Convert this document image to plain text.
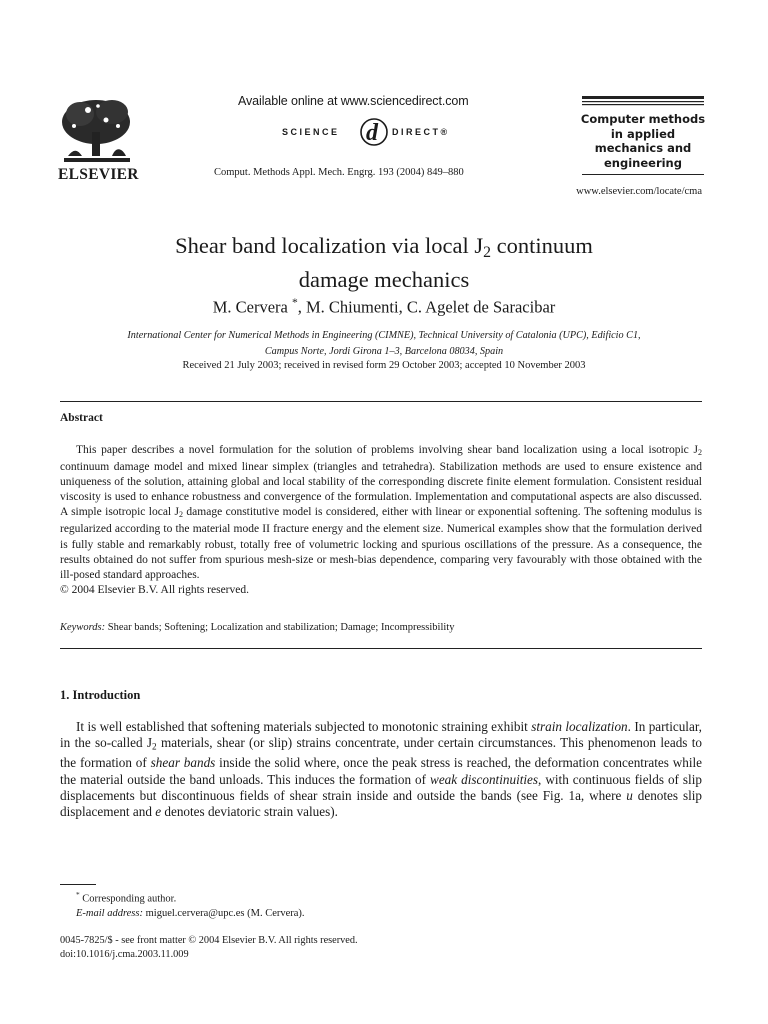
ELSEVIER
Available online at www.sciencedirect.com
SCIENCE d DIRECT®
Comput. Methods Appl. Mech. Engrg. 193 (2004) 849–880
Computer methods
in applied
mechanics and
engineering
www.elsevier.com/locate/cma
Shear band localization via local $J_2$ continuum
damage mechanics
M. Cervera *, M. Chiumenti, C. Agelet de Saracibar
International Center for Numerical Methods in Engineering (CIMNE), Technical University of Catalonia (UPC), Edificio C1,
Campus Norte, Jordi Girona 1–3, Barcelona 08034, Spain
Received 21 July 2003; received in revised form 29 October 2003; accepted 10 November 2003
Abstract

This paper describes a novel formulation for the solution of problems involving shear band localization using a local isotropic $J_2$ continuum damage model and mixed linear simplex (triangles and tetrahedra). Stabilization methods are used to ensure existence and uniqueness of the solution, attaining global and local stability of the corresponding discrete finite element formulation. Consistent residual viscosity is used to enhance robustness and convergence of the formulation. Implementation and computational aspects are also discussed. A simple isotropic local $J_2$ damage constitutive model is considered, either with linear or exponential softening. The softening modulus is regularized according to the material mode II fracture energy and the element size. Numerical examples show that the formulation derived is fully stable and remarkably robust, totally free of volumetric locking and spurious oscillations of the pressure. As a consequence, the results obtained do not suffer from spurious mesh-size or mesh-bias dependence, comparing very favourably with those obtained with the ill-posed standard approaches.

© 2004 Elsevier B.V. All rights reserved.

Keywords: Shear bands; Softening; Localization and stabilization; Damage; Incompressibility
1. Introduction

It is well established that softening materials subjected to monotonic straining exhibit strain localization. In particular, in the so-called $J_2$ materials, shear (or slip) strains concentrate, under certain circumstances. This phenomenon leads to the formation of shear bands inside the solid where, once the peak stress is reached, the deformation concentrates while the material outside the band unloads. This induces the formation of weak discontinuities, with continuous fields of slip displacements but discontinuous fields of shear strain inside and outside the bands (see Fig. 1a, where u denotes slip displacement and e denotes deviatoric strain values).

* Corresponding author.
E-mail address: miguel.cervera@upc.es (M. Cervera).
0045-7825/$ - see front matter © 2004 Elsevier B.V. All rights reserved.
doi:10.1016/j.cma.2003.11.009
